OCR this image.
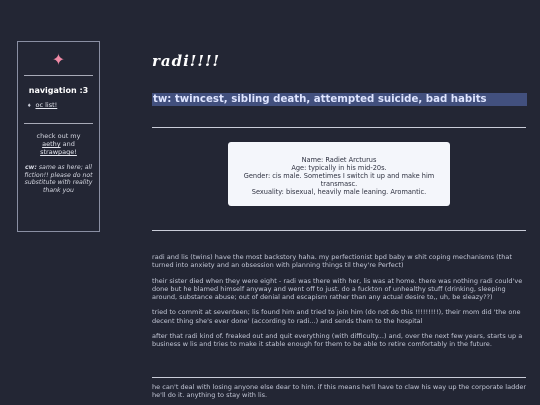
✦
navigation :3
♦ oc list!
check out my
aethy and
strawpage!
cw: same as here; all fiction!! please do not substitute with reality thank you
radi!!!!
tw: twincest, sibling death, attempted suicide, bad habits
Name: Radiet Arcturus
Age: typically in his mid-20s.
Gender: cis male. Sometimes I switch it up and make him transmasc.
Sexuality: bisexual, heavily male leaning. Aromantic.

radi and lis (twins) have the most backstory haha. my perfectionist bpd baby w shit coping mechanisms (that turned into anxiety and an obsession with planning things til they're Perfect)

their sister died when they were eight - radi was there with her, lis was at home. there was nothing radi could've done but he blamed himself anyway and went off to just. do a fuckton of unhealthy stuff (drinking, sleeping around, substance abuse; out of denial and escapism rather than any actual desire to,, uh, be sleazy??)

tried to commit at seventeen; lis found him and tried to join him (do not do this !!!!!!!!!), their mom did 'the one decent thing she's ever done' (according to radi...) and sends them to the hospital

after that radi kind of. freaked out and quit everything (with difficulty...) and, over the next few years, starts up a business w lis and tries to make it stable enough for them to be able to retire comfortably in the future.

he can't deal with losing anyone else dear to him. if this means he'll have to claw his way up the corporate ladder he'll do it. anything to stay with lis.
